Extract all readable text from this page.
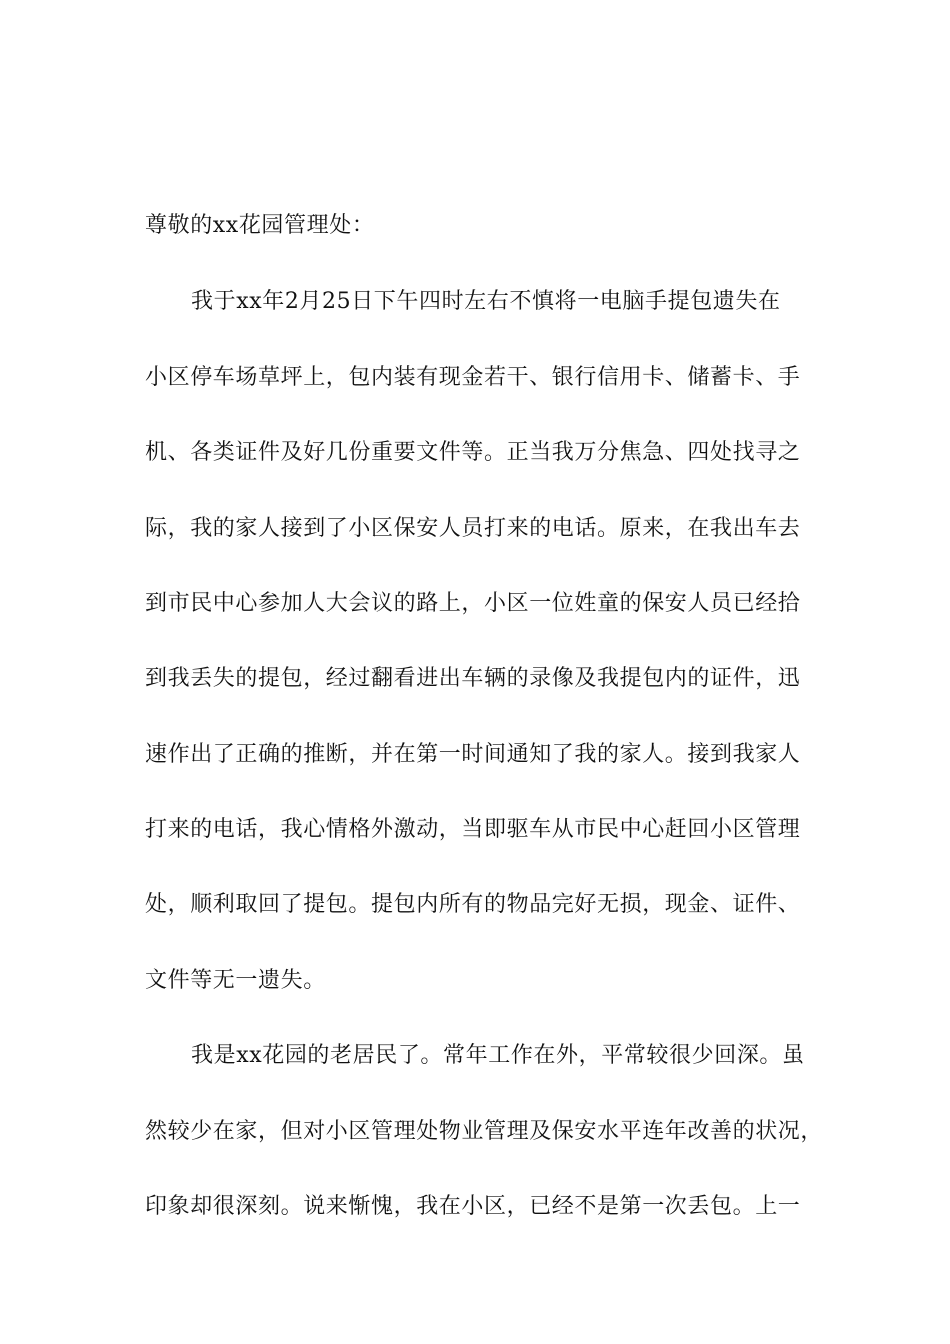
尊敬的xx花园管理处：
我于xx年2月25日下午四时左右不慎将一电脑手提包遗失在
小区停车场草坪上，包内装有现金若干、银行信用卡、储蓄卡、手
机、各类证件及好几份重要文件等。正当我万分焦急、四处找寻之
际，我的家人接到了小区保安人员打来的电话。原来，在我出车去
到市民中心参加人大会议的路上，小区一位姓童的保安人员已经拾
到我丢失的提包，经过翻看进出车辆的录像及我提包内的证件，迅
速作出了正确的推断，并在第一时间通知了我的家人。接到我家人
打来的电话，我心情格外激动，当即驱车从市民中心赶回小区管理
处，顺利取回了提包。提包内所有的物品完好无损，现金、证件、
文件等无一遗失。
我是xx花园的老居民了。常年工作在外，平常较很少回深。虽
然较少在家，但对小区管理处物业管理及保安水平连年改善的状况，
印象却很深刻。说来惭愧，我在小区，已经不是第一次丢包。上一
